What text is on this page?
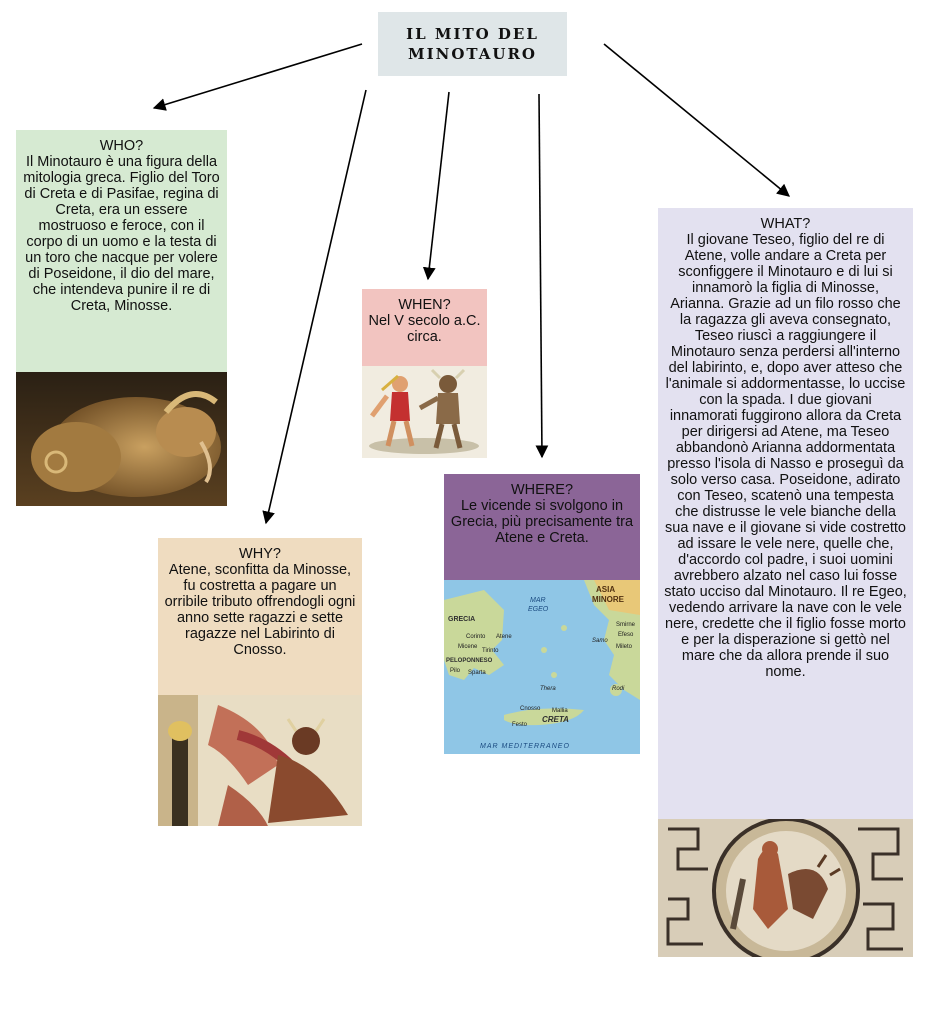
IL MITO DEL
MINOTAURO
WHO?
Il Minotauro è una figura della mitologia greca. Figlio del Toro di Creta e di Pasifae, regina di Creta, era un essere mostruoso e feroce, con il corpo di un uomo e la testa di un toro che nacque per volere di Poseidone, il dio del mare, che intendeva punire il re di Creta, Minosse.	WHEN?
Nel V secolo a.C. circa.
WHY?
Atene, sconfitta da Minosse, fu costretta a pagare un orribile tributo offrendogli ogni anno sette ragazzi e sette ragazze nel Labirinto di Cnosso.
WHERE?
Le vicende si svolgono in Grecia, più precisamente tra Atene e Creta.
ASIA
MINORE
MAR
EGEO
GRECIA
Corinto Atene
Micene
Tirinto
PELOPONNESO
Pilo Sparta
Smirne
Efeso
Samo
Mileto
Thera	Rodi
Cnosso Mallia
Festo
CRETA
MAR MEDITERRANEO
WHAT?
Il giovane Teseo, figlio del re di Atene, volle andare a Creta per sconfiggere il Minotauro e di lui si innamorò la figlia di Minosse, Arianna. Grazie ad un filo rosso che la ragazza gli aveva consegnato, Teseo riuscì a raggiungere il Minotauro senza perdersi all'interno del labirinto, e, dopo aver atteso che l'animale si addormentasse, lo uccise con la spada. I due giovani innamorati fuggirono allora da Creta per dirigersi ad Atene, ma Teseo abbandonò Arianna addormentata presso l'isola di Nasso e proseguì da solo verso casa. Poseidone, adirato con Teseo, scatenò una tempesta che distrusse le vele bianche della sua nave e il giovane si vide costretto ad issare le vele nere, quelle che, d'accordo col padre, i suoi uomini avrebbero alzato nel caso lui fosse stato ucciso dal Minotauro. Il re Egeo, vedendo arrivare la nave con le vele nere, credette che il figlio fosse morto e per la disperazione si gettò nel mare che da allora prende il suo nome.
